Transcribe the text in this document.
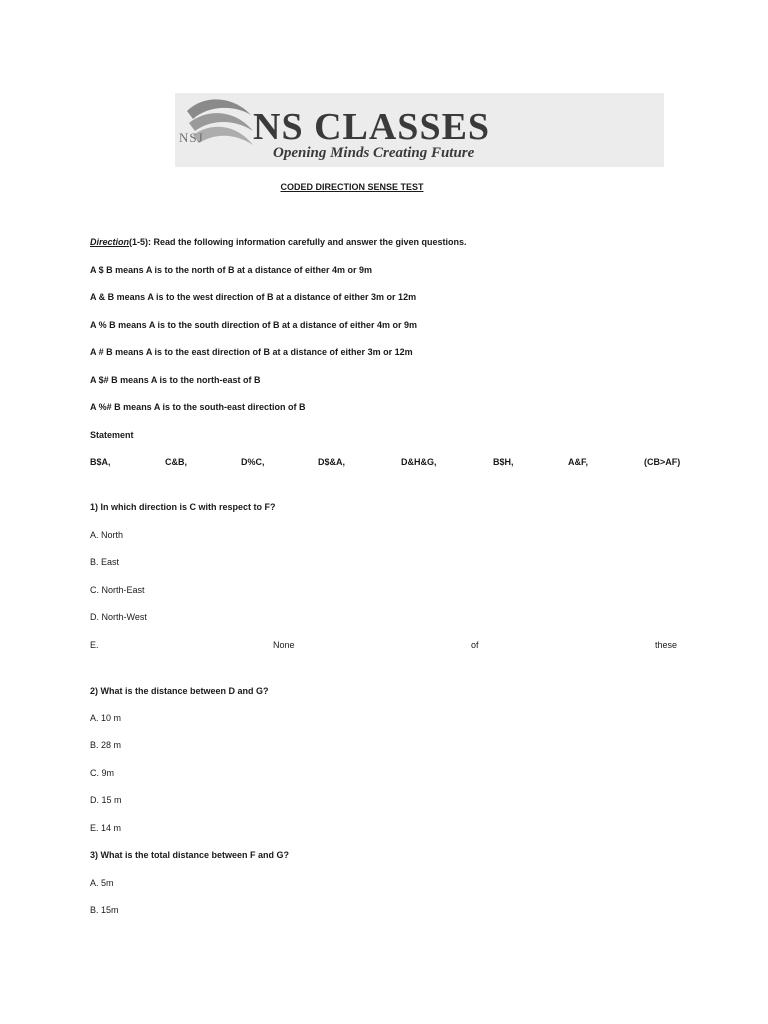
NSJ NS CLASSES
Opening Minds Creating Future
CODED DIRECTION SENSE TEST
Direction(1-5): Read the following information carefully and answer the given questions.
A $ B means A is to the north of B at a distance of either 4m or 9m
A & B means A is to the west direction of B at a distance of either 3m or 12m
A % B means A is to the south direction of B at a distance of either 4m or 9m
A # B means A is to the east direction of B at a distance of either 3m or 12m
A $# B means A is to the north-east of B
A %# B means A is to the south-east direction of B
Statement
B$A,	C&B,	D%C,	D$&A,	D&H&G,	B$H,	A&F,	(CB>AF)
1) In which direction is C with respect to F?
A. North
B. East
C. North-East
D. North-West
E.	None	of	these
2) What is the distance between D and G?
A. 10 m
B. 28 m
C. 9m
D. 15 m
E. 14 m
3) What is the total distance between F and G?
A. 5m
B. 15m
